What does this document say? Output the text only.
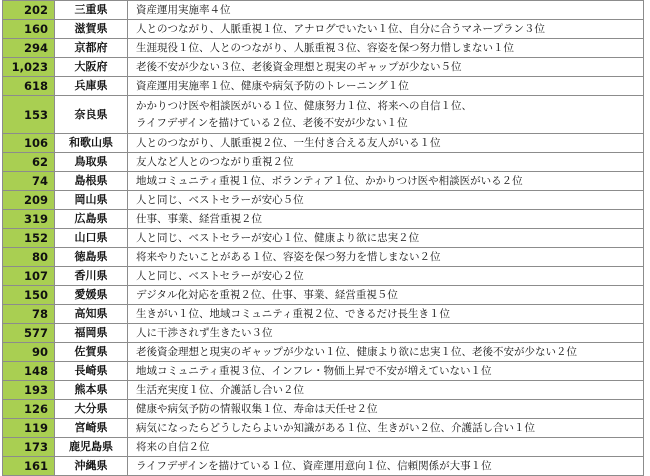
202	三重県	資産運用実施率４位

160	滋賀県	人とのつながり、人脈重視１位、アナログでいたい１位、自分に合うマネープラン３位

294	京都府	生涯現役１位、人とのつながり、人脈重視３位、容姿を保つ努力惜しまない１位

1,023	大阪府	老後不安が少ない３位、老後資金理想と現実のギャップが少ない５位

618	兵庫県	資産運用実施率１位、健康や病気予防のトレーニング１位

153	奈良県	かかりつけ医や相談医がいる１位、健康努力１位、将来への自信１位、
ライフデザインを描けている２位、老後不安が少ない１位

106	和歌山県	人とのつながり、人脈重視２位、一生付き合える友人がいる１位

62	鳥取県	友人など人とのつながり重視２位

74	島根県	地域コミュニティ重視１位、ボランティア１位、かかりつけ医や相談医がいる２位

209	岡山県	人と同じ、ベストセラーが安心５位

319	広島県	仕事、事業、経営重視２位

152	山口県	人と同じ、ベストセラーが安心１位、健康より欲に忠実２位

80	徳島県	将来やりたいことがある１位、容姿を保つ努力を惜しまない２位

107	香川県	人と同じ、ベストセラーが安心２位

150	愛媛県	デジタル化対応を重視２位、仕事、事業、経営重視５位

78	高知県	生きがい１位、地域コミュニティ重視２位、できるだけ長生き１位

577	福岡県	人に干渉されず生きたい３位

90	佐賀県	老後資金理想と現実のギャップが少ない１位、健康より欲に忠実１位、老後不安が少ない２位

148	長崎県	地域コミュニティ重視３位、インフレ・物価上昇で不安が増えていない１位

193	熊本県	生活充実度１位、介護話し合い２位

126	大分県	健康や病気予防の情報収集１位、寿命は天任せ２位

119	宮崎県	病気になったらどうしたらよいか知識がある１位、生きがい２位、介護話し合い１位

173	鹿児島県	将来の自信２位

161	沖縄県	ライフデザインを描けている１位、資産運用意向１位、信頼関係が大事１位
